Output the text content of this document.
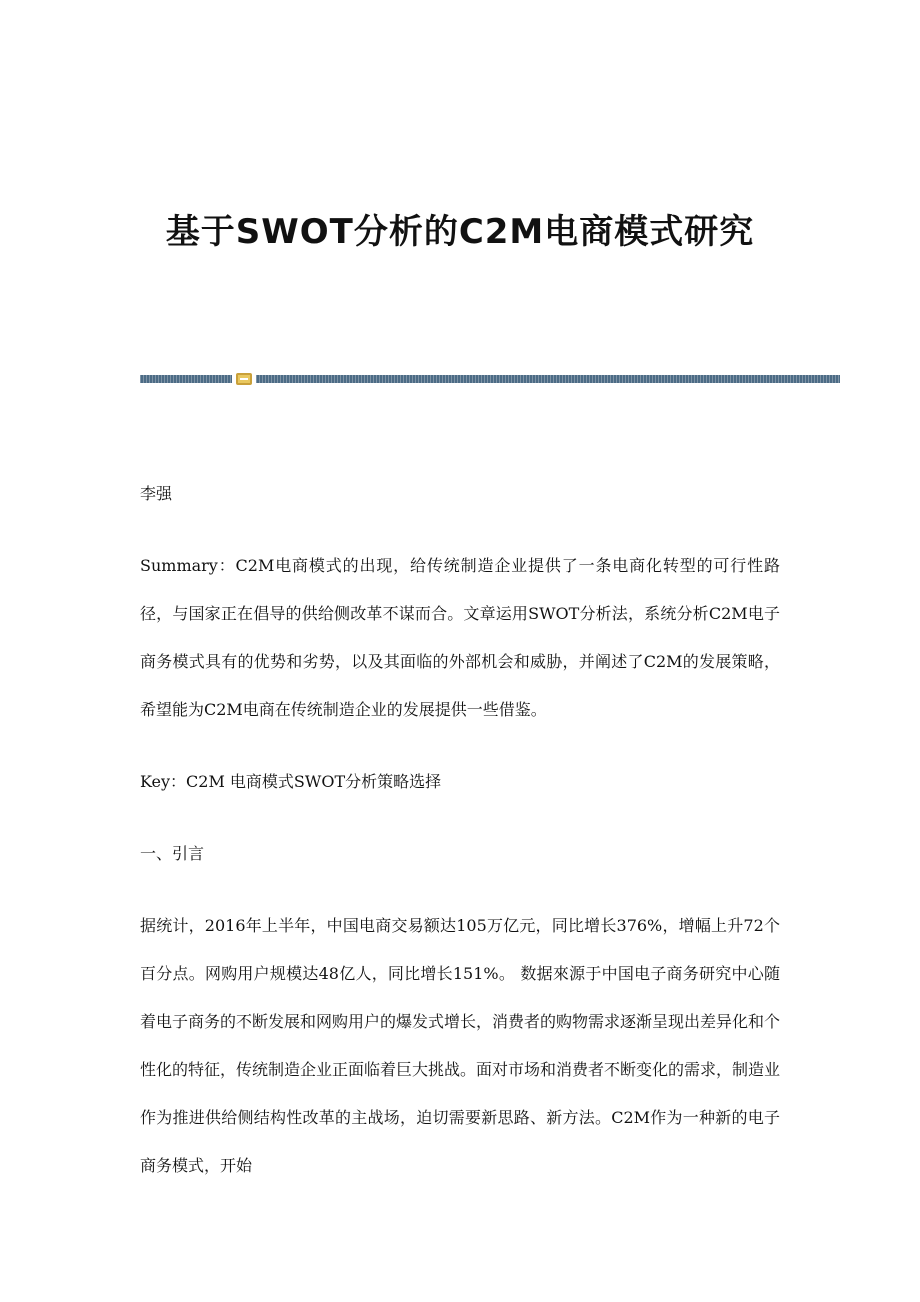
基于SWOT分析的C2M电商模式研究

李强

Summary：C2M电商模式的出现，给传统制造企业提供了一条电商化转型的可行性路径，与国家正在倡导的供给侧改革不谋而合。文章运用SWOT分析法，系统分析C2M电子商务模式具有的优势和劣势，以及其面临的外部机会和威胁，并阐述了C2M的发展策略，希望能为C2M电商在传统制造企业的发展提供一些借鉴。

Key：C2M 电商模式SWOT分析策略选择

一、引言

据统计，2016年上半年，中国电商交易额达105万亿元，同比增长376%，增幅上升72个百分点。网购用户规模达48亿人，同比增长151%。 数据來源于中国电子商务研究中心随着电子商务的不断发展和网购用户的爆发式增长，消费者的购物需求逐渐呈现出差异化和个性化的特征，传统制造企业正面临着巨大挑战。面对市场和消费者不断变化的需求，制造业作为推进供给侧结构性改革的主战场，迫切需要新思路、新方法。C2M作为一种新的电子商务模式，开始
